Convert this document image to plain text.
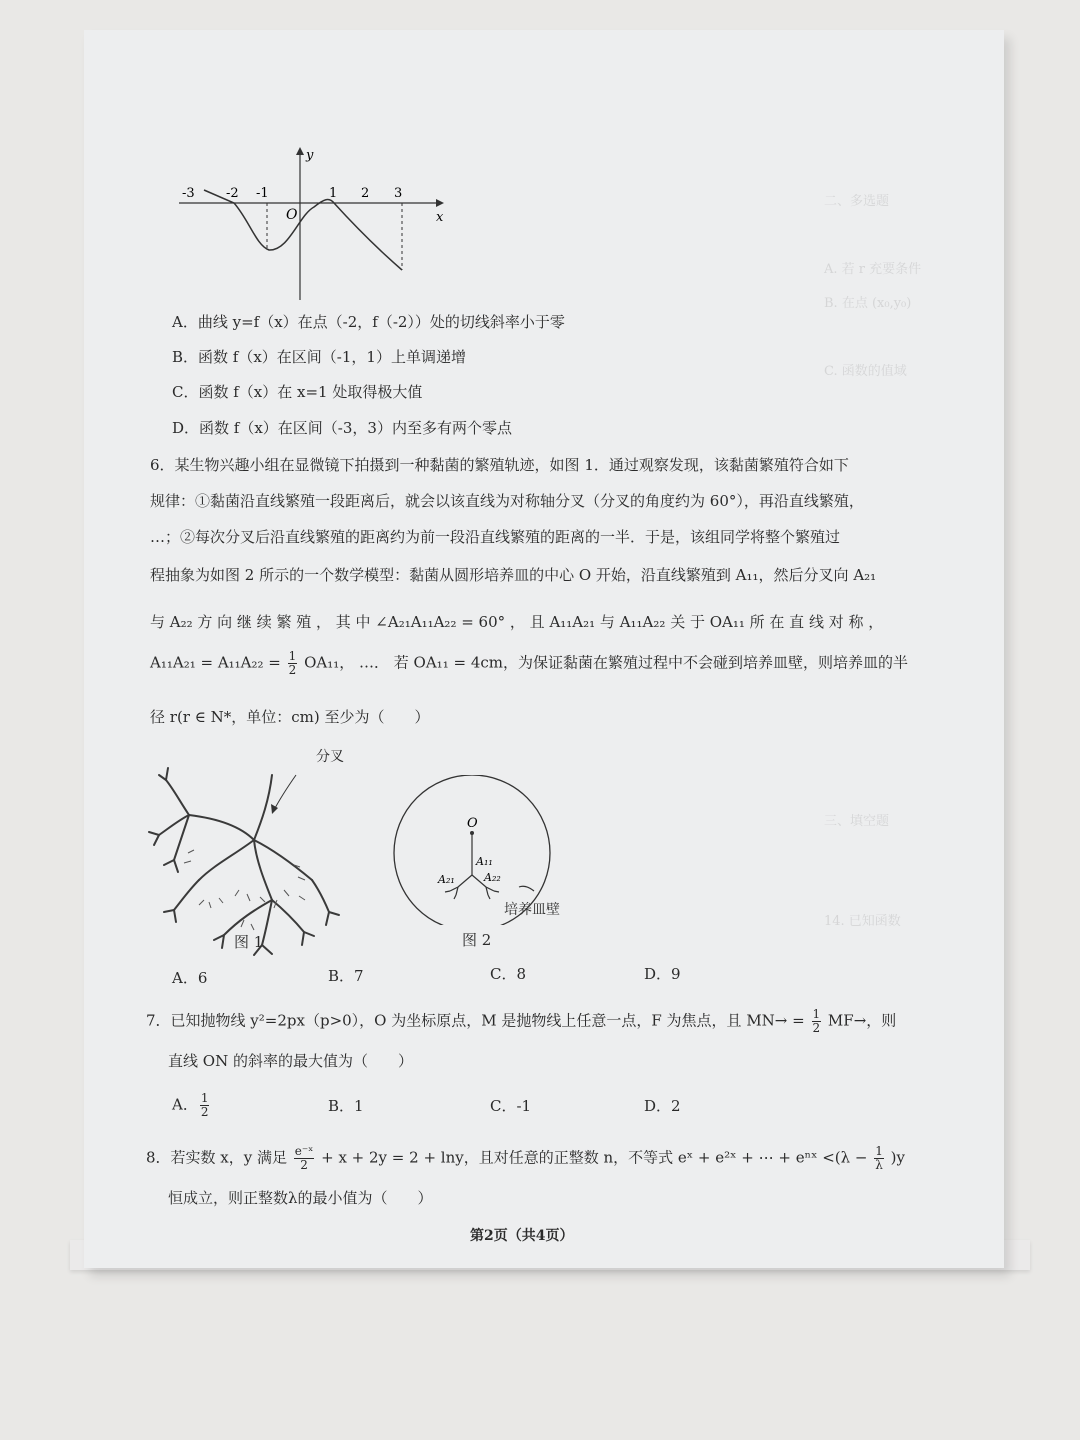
二、多选题
A. 若 r 充要条件
B. 在点 (x₀,y₀)
C. 函数的值域
三、填空题
14. 已知函数
y
x
O
-3 -2 -1	1 2 3
A．曲线 y=f（x）在点（-2，f（-2））处的切线斜率小于零
B．函数 f（x）在区间（-1，1）上单调递增
C．函数 f（x）在 x=1 处取得极大值
D．函数 f（x）在区间（-3，3）内至多有两个零点
6．某生物兴趣小组在显微镜下拍摄到一种黏菌的繁殖轨迹，如图 1．通过观察发现，该黏菌繁殖符合如下
规律：①黏菌沿直线繁殖一段距离后，就会以该直线为对称轴分叉（分叉的角度约为 60°），再沿直线繁殖，
…；②每次分叉后沿直线繁殖的距离约为前一段沿直线繁殖的距离的一半．于是，该组同学将整个繁殖过
程抽象为如图 2 所示的一个数学模型：黏菌从圆形培养皿的中心 O 开始，沿直线繁殖到 A₁₁，然后分叉向 A₂₁
与 A₂₂ 方 向 继 续 繁 殖 ， 其 中 ∠A₂₁A₁₁A₂₂ = 60° ， 且 A₁₁A₂₁ 与 A₁₁A₂₂ 关 于 OA₁₁ 所 在 直 线 对 称 ，
$A_{11}A_{21} = A_{11}A_{22} = \frac{1}{2} OA_{11}$， …． 若 OA₁₁ = 4cm，为保证黏菌在繁殖过程中不会碰到培养皿壁，则培养皿的半
径 r(r ∈ N*，单位：cm) 至少为（　　）
分叉
图 1
O
A₁₁
A₂₁	A₂₂
培养皿壁
图 2
A．6	B．7	C．8	D．9
7．已知抛物线 y²=2px（p>0），O 为坐标原点，M 是抛物线上任意一点，F 为焦点，且 $MN\to = \frac{1}{2} MF\to$，则
直线 ON 的斜率的最大值为（　　）
A． $\frac{1}{2}$	B．1	C．-1	D．2
8．若实数 x，y 满足 $\frac{\text{e⁻ˣ}}{2} + x + 2y = 2 + \ln y$，且对任意的正整数 n，不等式 eˣ + e²ˣ + ⋯ + eⁿˣ $<(\lambda - \frac{1}{\lambda} )y$
恒成立，则正整数λ的最小值为（　　）
第2页（共4页）
